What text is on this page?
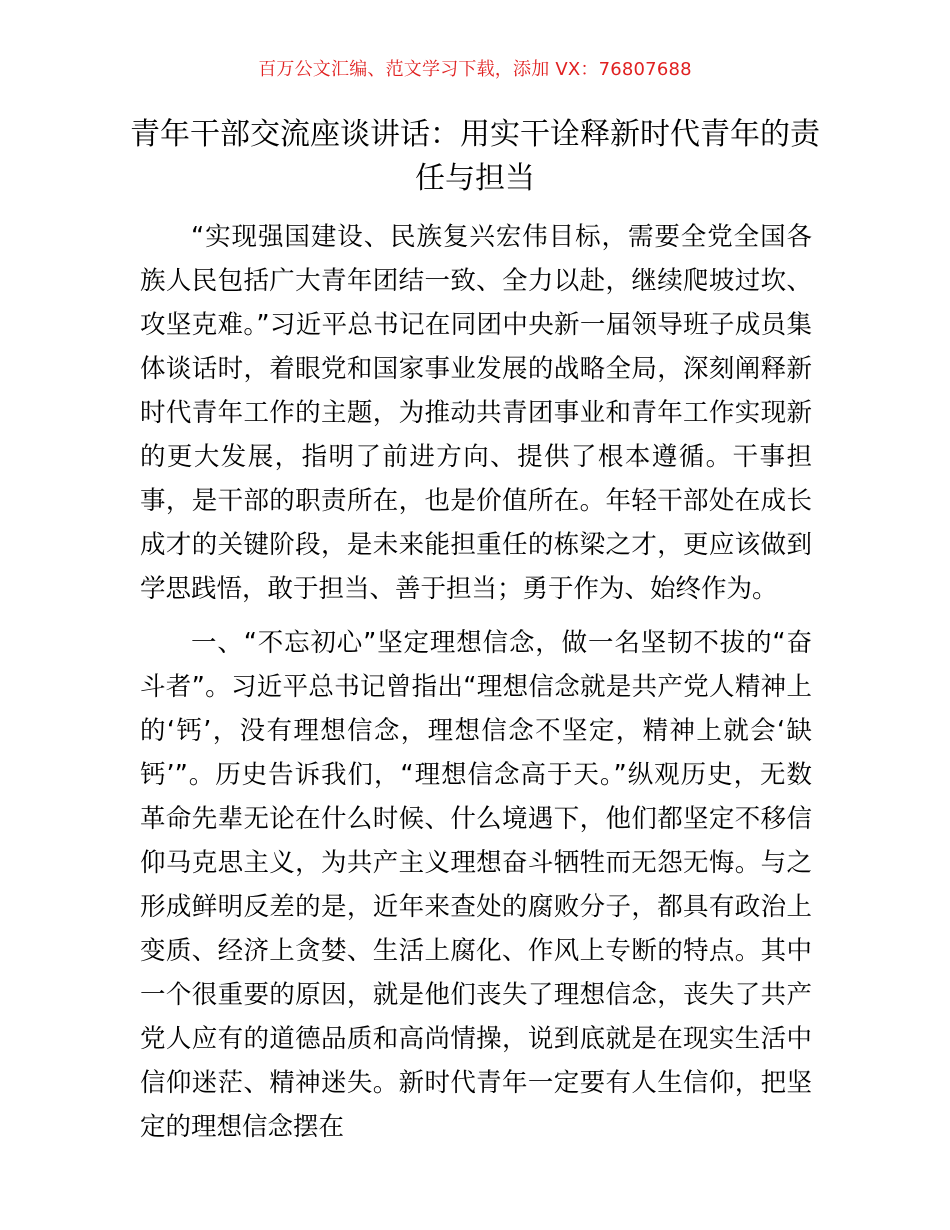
百万公文汇编、范文学习下载，添加 VX：76807688
青年干部交流座谈讲话：用实干诠释新时代青年的责任与担当

“实现强国建设、民族复兴宏伟目标，需要全党全国各族人民包括广大青年团结一致、全力以赴，继续爬坡过坎、攻坚克难。”习近平总书记在同团中央新一届领导班子成员集体谈话时，着眼党和国家事业发展的战略全局，深刻阐释新时代青年工作的主题，为推动共青团事业和青年工作实现新的更大发展，指明了前进方向、提供了根本遵循。干事担事，是干部的职责所在，也是价值所在。年轻干部处在成长成才的关键阶段，是未来能担重任的栋梁之才，更应该做到学思践悟，敢于担当、善于担当；勇于作为、始终作为。

一、“不忘初心”坚定理想信念，做一名坚韧不拔的“奋斗者”。习近平总书记曾指出“理想信念就是共产党人精神上的‘钙’，没有理想信念，理想信念不坚定，精神上就会‘缺钙’”。历史告诉我们，“理想信念高于天。”纵观历史，无数革命先辈无论在什么时候、什么境遇下，他们都坚定不移信仰马克思主义，为共产主义理想奋斗牺牲而无怨无悔。与之形成鲜明反差的是，近年来查处的腐败分子，都具有政治上变质、经济上贪婪、生活上腐化、作风上专断的特点。其中一个很重要的原因，就是他们丧失了理想信念，丧失了共产党人应有的道德品质和高尚情操，说到底就是在现实生活中信仰迷茫、精神迷失。新时代青年一定要有人生信仰，把坚定的理想信念摆在
